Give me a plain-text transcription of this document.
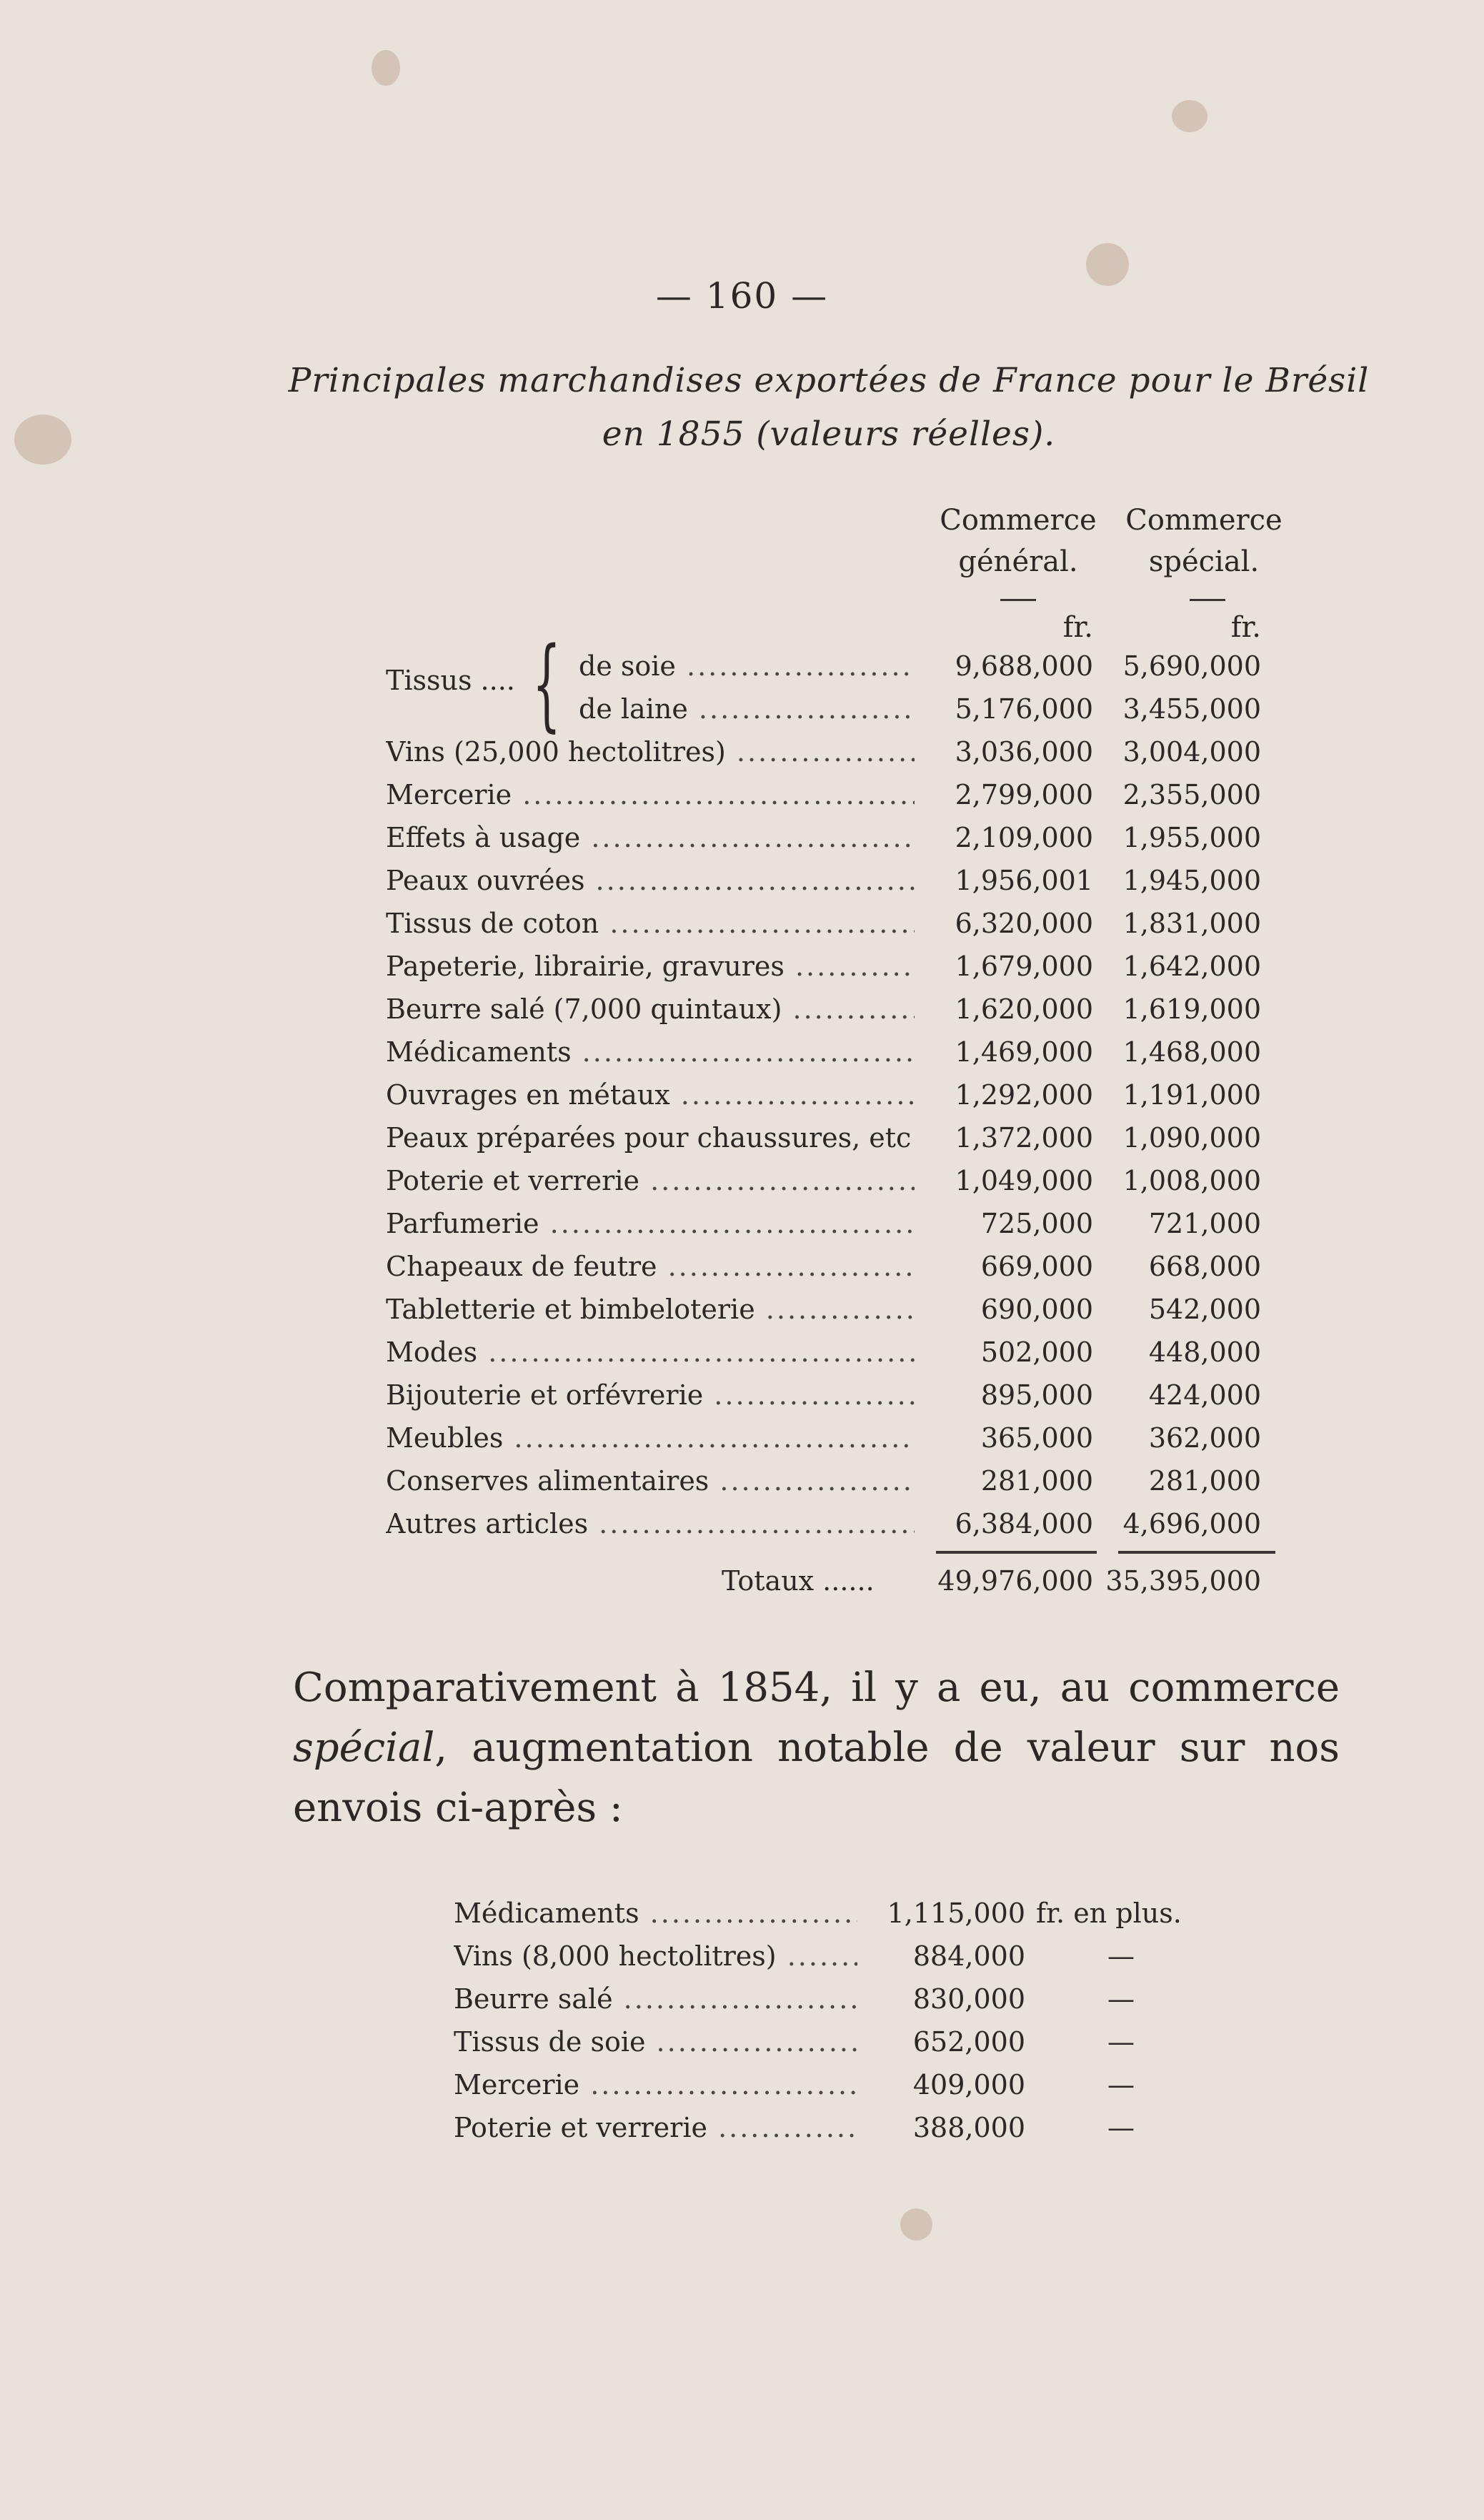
— 160 —
Principales marchandises exportées de France pour le Brésil
en 1855 (valeurs réelles).
Commerce
général.
fr.
Commerce
spécial.
fr.
Tissus .... { de soie .....	9,688,000	5,690,000
de laine .....	5,176,000	3,455,000
Vins (25,000 hectolitres) .....	3,036,000	3,004,000
Mercerie .....	2,799,000	2,355,000
Effets à usage .....	2,109,000	1,955,000
Peaux ouvrées .....	1,956,001	1,945,000
Tissus de coton .....	6,320,000	1,831,000
Papeterie, librairie, gravures .....	1,679,000	1,642,000
Beurre salé (7,000 quintaux) .....	1,620,000	1,619,000
Médicaments .....	1,469,000	1,468,000
Ouvrages en métaux .....	1,292,000	1,191,000
Peaux préparées pour chaussures, etc .....	1,372,000	1,090,000
Poterie et verrerie .....	1,049,000	1,008,000
Parfumerie .....	725,000	721,000
Chapeaux de feutre .....	669,000	668,000
Tabletterie et bimbeloterie .....	690,000	542,000
Modes .....	502,000	448,000
Bijouterie et orfévrerie .....	895,000	424,000
Meubles .....	365,000	362,000
Conserves alimentaires .....	281,000	281,000
Autres articles .....	6,384,000	4,696,000
Totaux ......	49,976,000 35,395,000
Comparativement à 1854, il y a eu, au commerce spécial, augmentation notable de valeur sur nos envois ci-après :
Médicaments .....	1,115,000 fr. en plus.
Vins (8,000 hectolitres) .....	884,000	—
Beurre salé .....	830,000	—
Tissus de soie .....	652,000	—
Mercerie .....	409,000	—
Poterie et verrerie .....	388,000	—
